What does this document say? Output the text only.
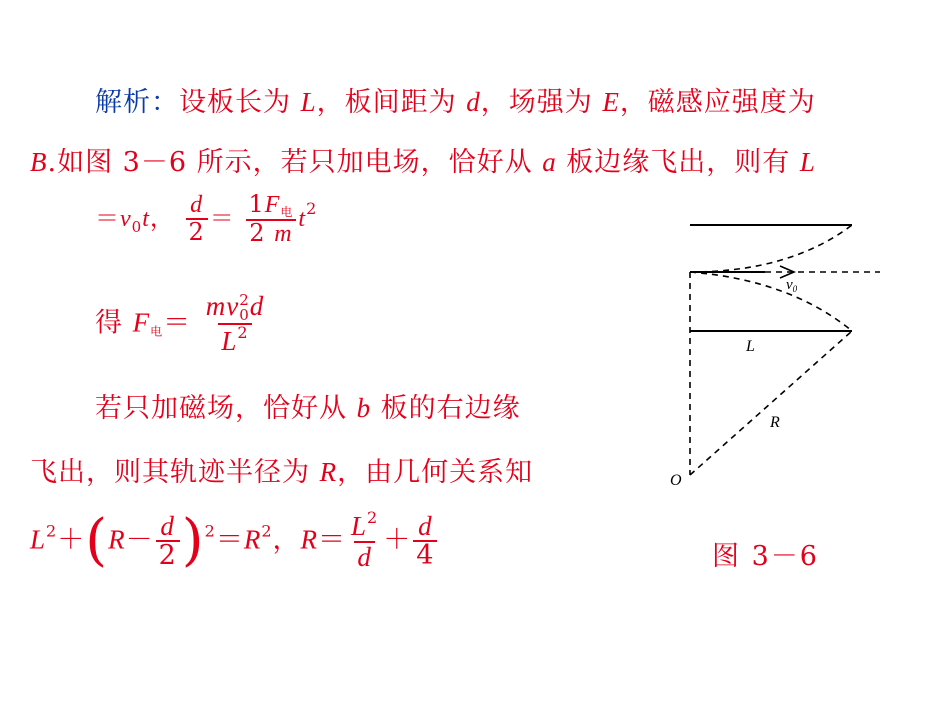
解析：设板长为 L，板间距为 d，场强为 E，磁感应强度为
B.如图 3－6 所示，若只加电场，恰好从 a 板边缘飞出，则有 L
$=v_0t$， $\frac{d}{2} = \frac{\text{1F电}}{2 m} t^2$
得 F电＝ mv 2
0 d
$L^2$
若只加磁场，恰好从 b 板的右边缘
飞出，则其轨迹半径为 R，由几何关系知
$L^2+(R- \frac{d}{2} )^2=R^2$，$R= \frac{L^2}{d} + \frac{d}{4}$
$v_0$
L
R
O
图 3－6
